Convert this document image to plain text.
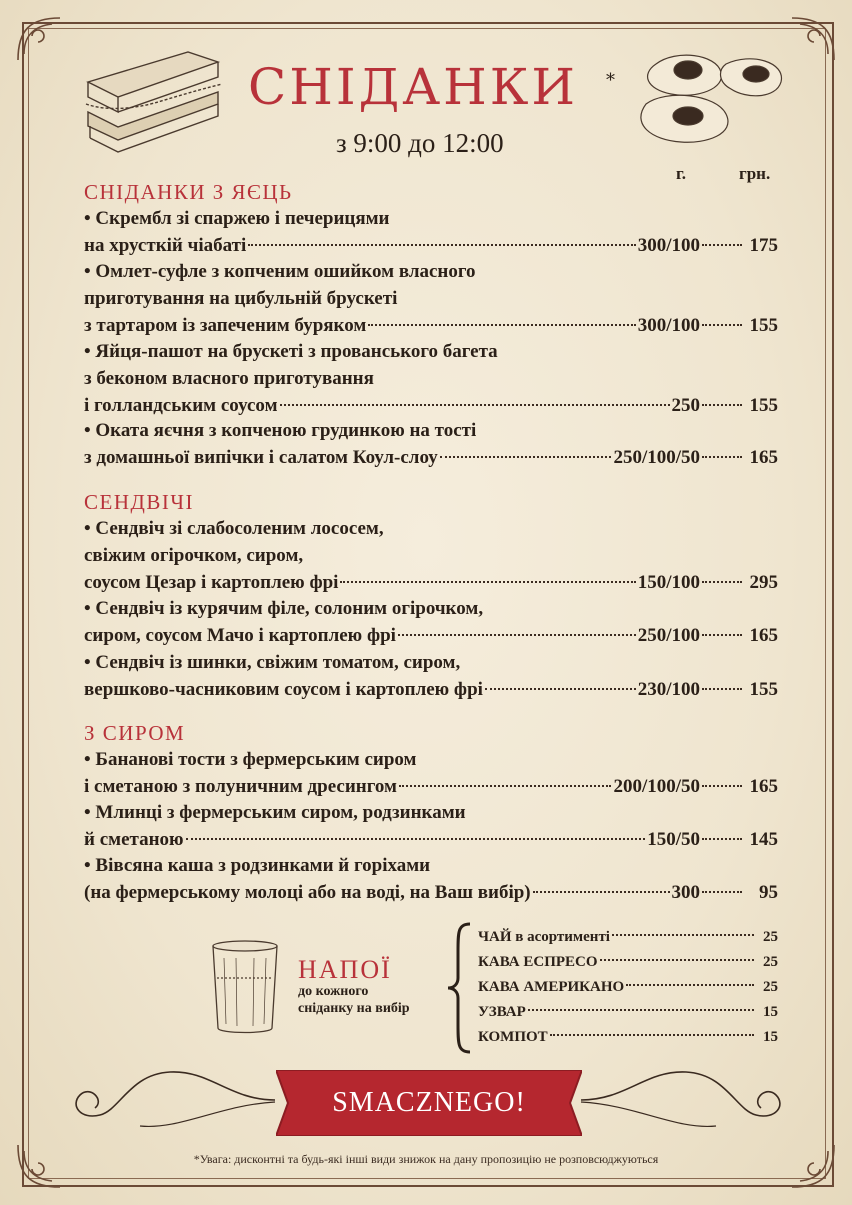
СНІДАНКИ *
з 9:00 до 12:00
г.	грн.
СНІДАНКИ З ЯЄЦЬ
• Скрембл зі спаржею і печерицями
на хрусткій чіабаті	300/100	175
• Омлет-суфле з копченим ошийком власного
приготування на цибульній брускеті
з тартаром із запеченим буряком	300/100	155
• Яйця-пашот на брускеті з прованського багета
з беконом власного приготування
і голландським соусом	250	155
• Оката яєчня з копченою грудинкою на тості
з домашньої випічки і салатом Коул-слоу	250/100/50	165
СЕНДВІЧІ
• Сендвіч зі слабосоленим лососем,
свіжим огірочком, сиром,
соусом Цезар і картоплею фрі	150/100	295
• Сендвіч із курячим філе, солоним огірочком,
сиром, соусом Мачо і картоплею фрі	250/100	165
• Сендвіч із шинки, свіжим томатом, сиром,
вершково-часниковим соусом і картоплею фрі	230/100	155
З СИРОМ
• Бананові тости з фермерським сиром
і сметаною з полуничним дресингом	200/100/50	165
• Млинці з фермерським сиром, родзинками
й сметаною	150/50	145
• Вівсяна каша з родзинками й горіхами
(на фермерському молоці або на воді, на Ваш вибір)	300	95
НАПОЇ
до кожного
сніданку на вибір
ЧАЙ в асортименті	25
КАВА ЕСПРЕСО	25
КАВА АМЕРИКАНО	25
УЗВАР	15
КОМПОТ	15
SMACZNEGO!
*Увага: дисконтні та будь-які інші види знижок на дану пропозицію не розповсюджуються
